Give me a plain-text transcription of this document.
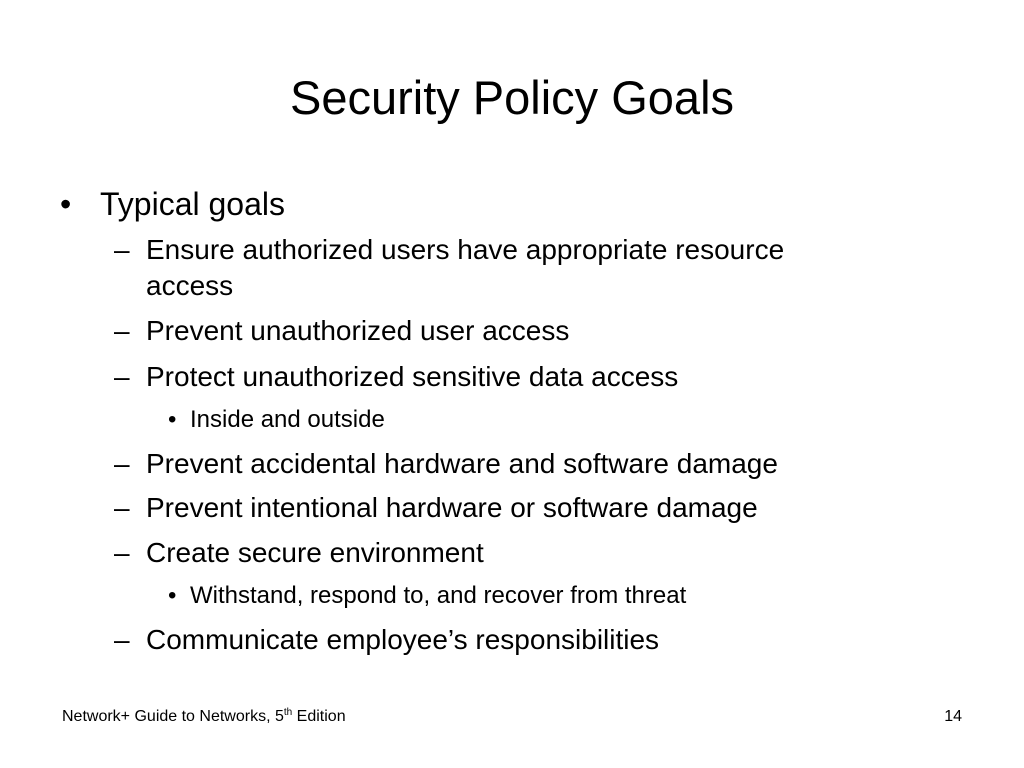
Security Policy Goals
• Typical goals
– Ensure authorized users have appropriate resource
access
– Prevent unauthorized user access
– Protect unauthorized sensitive data access
• Inside and outside
– Prevent accidental hardware and software damage
– Prevent intentional hardware or software damage
– Create secure environment
• Withstand, respond to, and recover from threat
– Communicate employee’s responsibilities
Network+ Guide to Networks, 5th Edition	14
